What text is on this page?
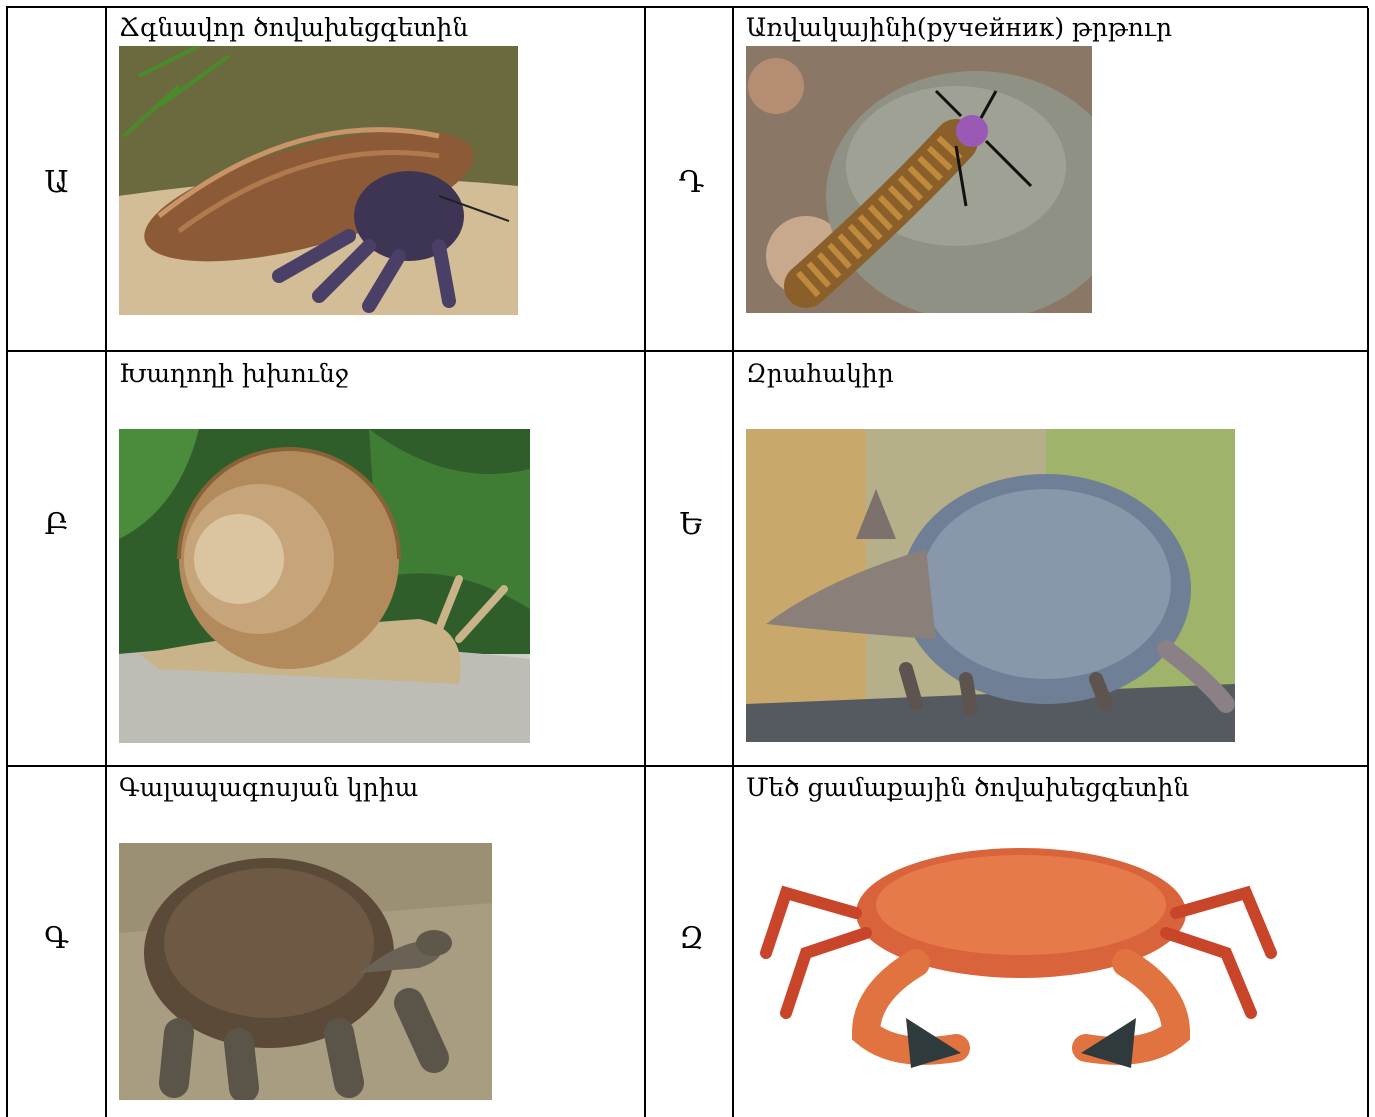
Ա
Ճգնավոր ծովախեցգետին
Դ
Առվակայինի(ручейник) թրթուր
Բ
Խաղողի խխունջ
Ե
Զրահակիր
Գ
Գալապագոսյան կրիա
Զ
Մեծ ցամաքային ծովախեցգետին
